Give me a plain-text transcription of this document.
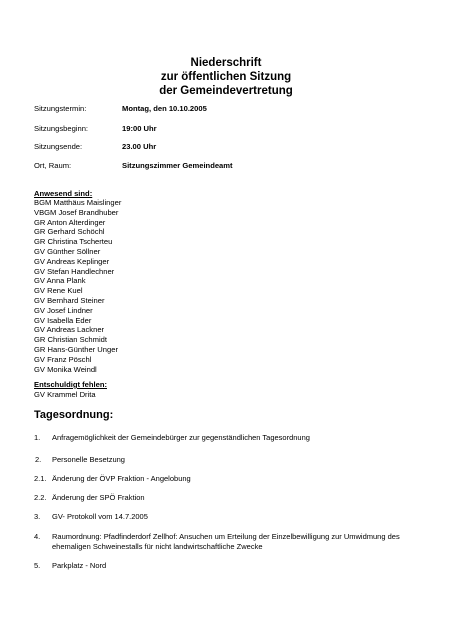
Niederschrift
zur öffentlichen Sitzung
der Gemeindevertretung
Sitzungstermin:	Montag, den 10.10.2005
Sitzungsbeginn:	19:00 Uhr
Sitzungsende:	23.00 Uhr
Ort, Raum:	Sitzungszimmer Gemeindeamt
Anwesend sind:
BGM Matthäus Maislinger
VBGM Josef Brandhuber
GR Anton Alterdinger
GR Gerhard Schöchl
GR Christina Tscherteu
GV Günther Söllner
GV Andreas Keplinger
GV Stefan Handlechner
GV Anna Plank
GV Rene Kuel
GV Bernhard Steiner
GV Josef Lindner
GV Isabella Eder
GV Andreas Lackner
GR Christian Schmidt
GR Hans-Günther Unger
GV Franz Pöschl
GV Monika Weindl
Entschuldigt fehlen:
GV Krammel Drita
Tagesordnung:
1. Anfragemöglichkeit der Gemeindebürger zur gegenständlichen Tagesordnung
2. Personelle Besetzung
2.1. Änderung der ÖVP Fraktion - Angelobung
2.2. Änderung der SPÖ Fraktion
3. GV- Protokoll vom 14.7.2005
4. Raumordnung: Pfadfinderdorf Zellhof: Ansuchen um Erteilung der Einzelbewilligung zur Umwidmung des ehemaligen Schweinestalls für nicht landwirtschaftliche Zwecke
5. Parkplatz - Nord
